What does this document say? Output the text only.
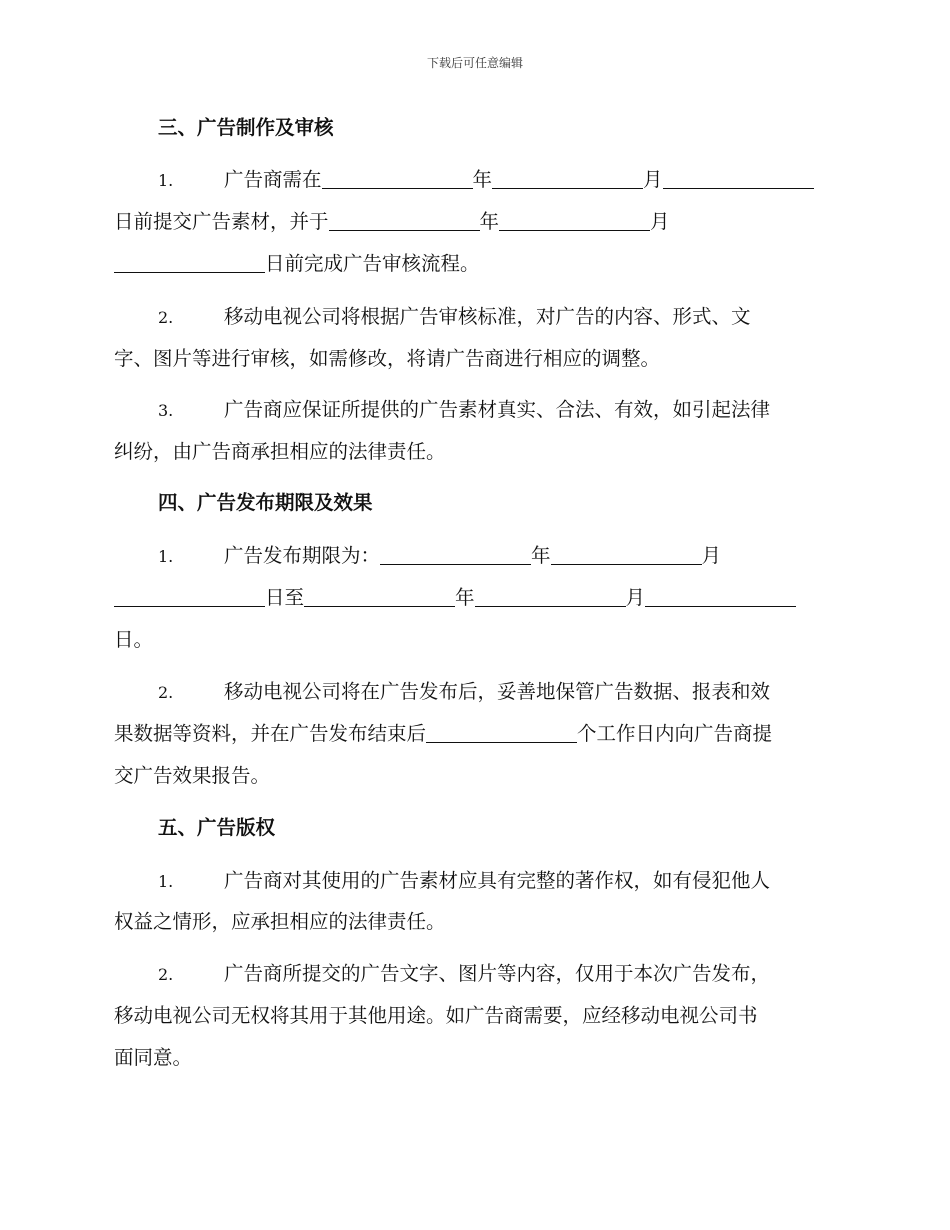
下载后可任意编辑
三、广告制作及审核
1.	广告商需在	年	月
日前提交广告素材，并于	年	月
日前完成广告审核流程。
2.	移动电视公司将根据广告审核标准，对广告的内容、形式、文
字、图片等进行审核，如需修改，将请广告商进行相应的调整。
3.	广告商应保证所提供的广告素材真实、合法、有效，如引起法律
纠纷，由广告商承担相应的法律责任。
四、广告发布期限及效果
1.	广告发布期限为：	年	月
日至	年	月
日。
2.	移动电视公司将在广告发布后，妥善地保管广告数据、报表和效
果数据等资料，并在广告发布结束后	个工作日内向广告商提
交广告效果报告。
五、广告版权
1.	广告商对其使用的广告素材应具有完整的著作权，如有侵犯他人
权益之情形，应承担相应的法律责任。
2.	广告商所提交的广告文字、图片等内容，仅用于本次广告发布，
移动电视公司无权将其用于其他用途。如广告商需要，应经移动电视公司书
面同意。
